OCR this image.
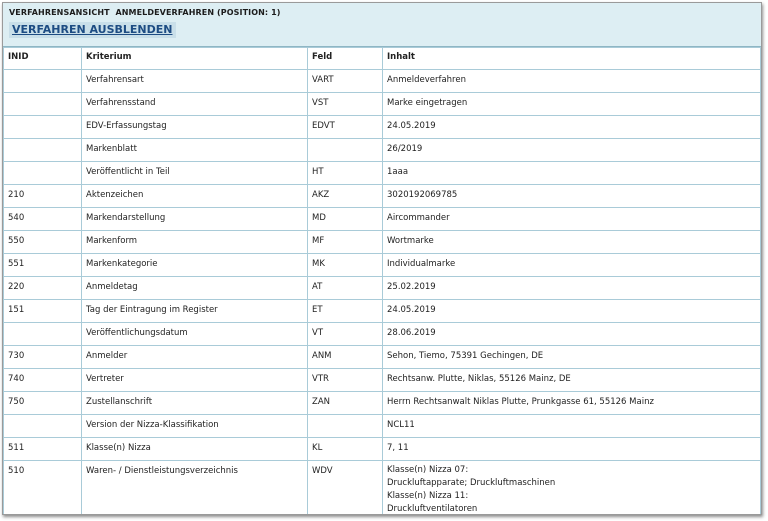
VERFAHRENSANSICHT  ANMELDEVERFAHREN (POSITION: 1)
VERFAHREN AUSBLENDEN
INID	Kriterium	Feld	Inhalt
	Verfahrensart	VART	Anmeldeverfahren
	Verfahrensstand	VST	Marke eingetragen
	EDV-Erfassungstag	EDVT	24.05.2019
	Markenblatt		26/2019
	Veröffentlicht in Teil	HT	1aaa
210	Aktenzeichen	AKZ	3020192069785
540	Markendarstellung	MD	Aircommander
550	Markenform	MF	Wortmarke
551	Markenkategorie	MK	Individualmarke
220	Anmeldetag	AT	25.02.2019
151	Tag der Eintragung im Register	ET	24.05.2019
	Veröffentlichungsdatum	VT	28.06.2019
730	Anmelder	ANM	Sehon, Tiemo, 75391 Gechingen, DE
740	Vertreter	VTR	Rechtsanw. Plutte, Niklas, 55126 Mainz, DE
750	Zustellanschrift	ZAN	Herrn Rechtsanwalt Niklas Plutte, Prunkgasse 61, 55126 Mainz
	Version der Nizza-Klassifikation		NCL11
511	Klasse(n) Nizza	KL	7, 11
510	Waren- / Dienstleistungsverzeichnis	WDV	Klasse(n) Nizza 07:
Druckluftapparate; Druckluftmaschinen
Klasse(n) Nizza 11:
Druckluftventilatoren
